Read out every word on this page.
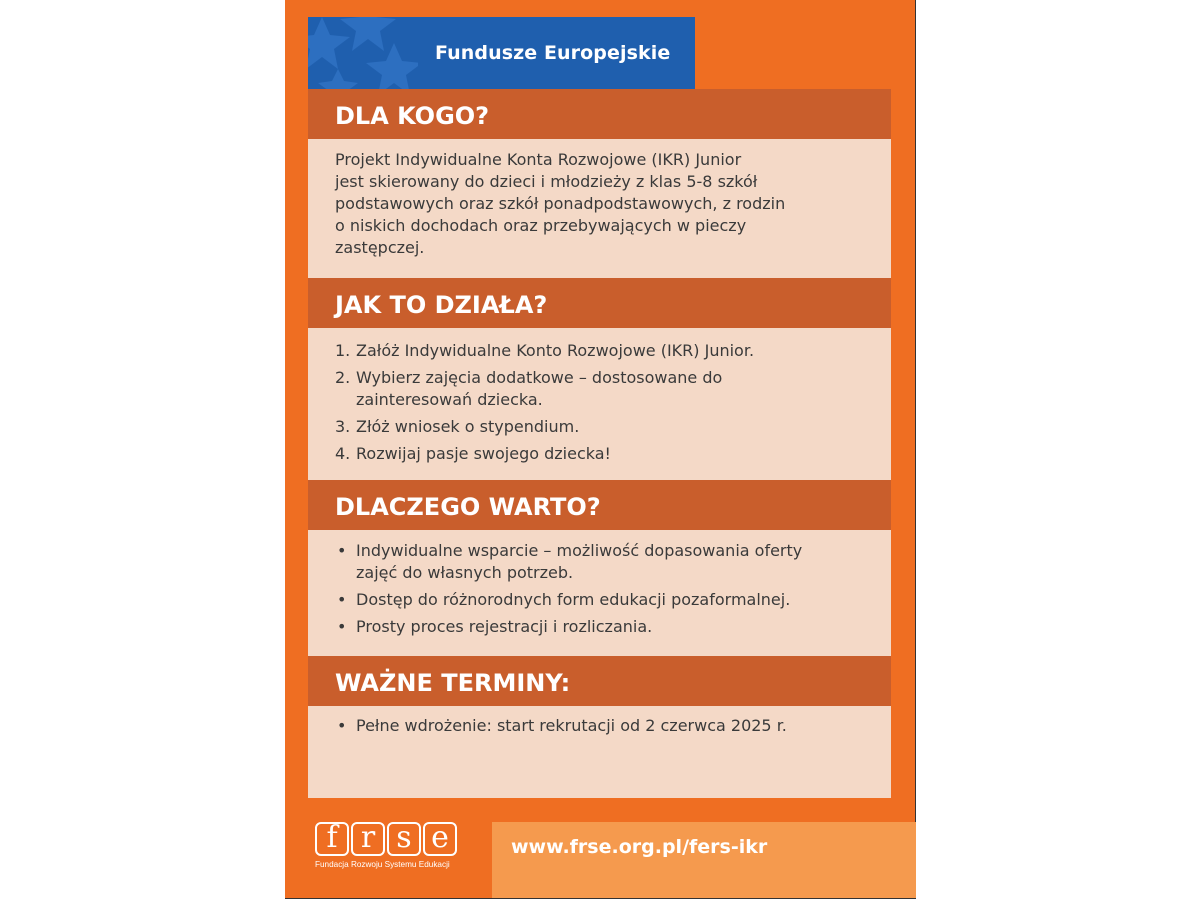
Fundusze Europejskie
DLA KOGO?
Projekt Indywidualne Konta Rozwojowe (IKR) Junior
jest skierowany do dzieci i młodzieży z klas 5-8 szkół
podstawowych oraz szkół ponadpodstawowych, z rodzin
o niskich dochodach oraz przebywających w pieczy
zastępczej.
JAK TO DZIAŁA?
1. Załóż Indywidualne Konto Rozwojowe (IKR) Junior.
2. Wybierz zajęcia dodatkowe – dostosowane do
zainteresowań dziecka.
3. Złóż wniosek o stypendium.
4. Rozwijaj pasje swojego dziecka!
DLACZEGO WARTO?
• Indywidualne wsparcie – możliwość dopasowania oferty
zajęć do własnych potrzeb.
• Dostęp do różnorodnych form edukacji pozaformalnej.
• Prosty proces rejestracji i rozliczania.
WAŻNE TERMINY:
• Pełne wdrożenie: start rekrutacji od 2 czerwca 2025 r.
f r s e
Fundacja Rozwoju Systemu Edukacji
www.frse.org.pl/fers-ikr
